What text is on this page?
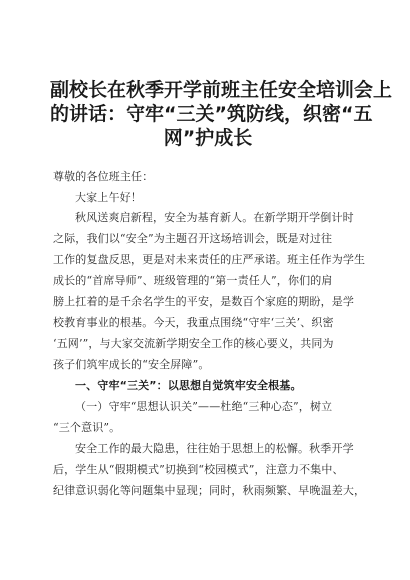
副校长在秋季开学前班主任安全培训会上
的讲话：守牢“三关”筑防线，织密“五
网”护成长
尊敬的各位班主任：
大家上午好！
秋风送爽启新程，安全为基育新人。在新学期开学倒计时
之际，我们以“安全”为主题召开这场培训会，既是对过往
工作的复盘反思，更是对未来责任的庄严承诺。班主任作为学生
成长的“首席导师”、班级管理的“第一责任人”，你们的肩
膀上扛着的是千余名学生的平安，是数百个家庭的期盼，是学
校教育事业的根基。今天，我重点围绕“守牢‘三关’、织密
‘五网’”，与大家交流新学期安全工作的核心要义，共同为
孩子们筑牢成长的“安全屏障”。
一、守牢“三关”：以思想自觉筑牢安全根基。
（一）守牢“思想认识关”——杜绝“三种心态”，树立
“三个意识”。
安全工作的最大隐患，往往始于思想上的松懈。秋季开学
后，学生从“假期模式”切换到“校园模式”，注意力不集中、
纪律意识弱化等问题集中显现；同时，秋雨频繁、早晚温差大，
